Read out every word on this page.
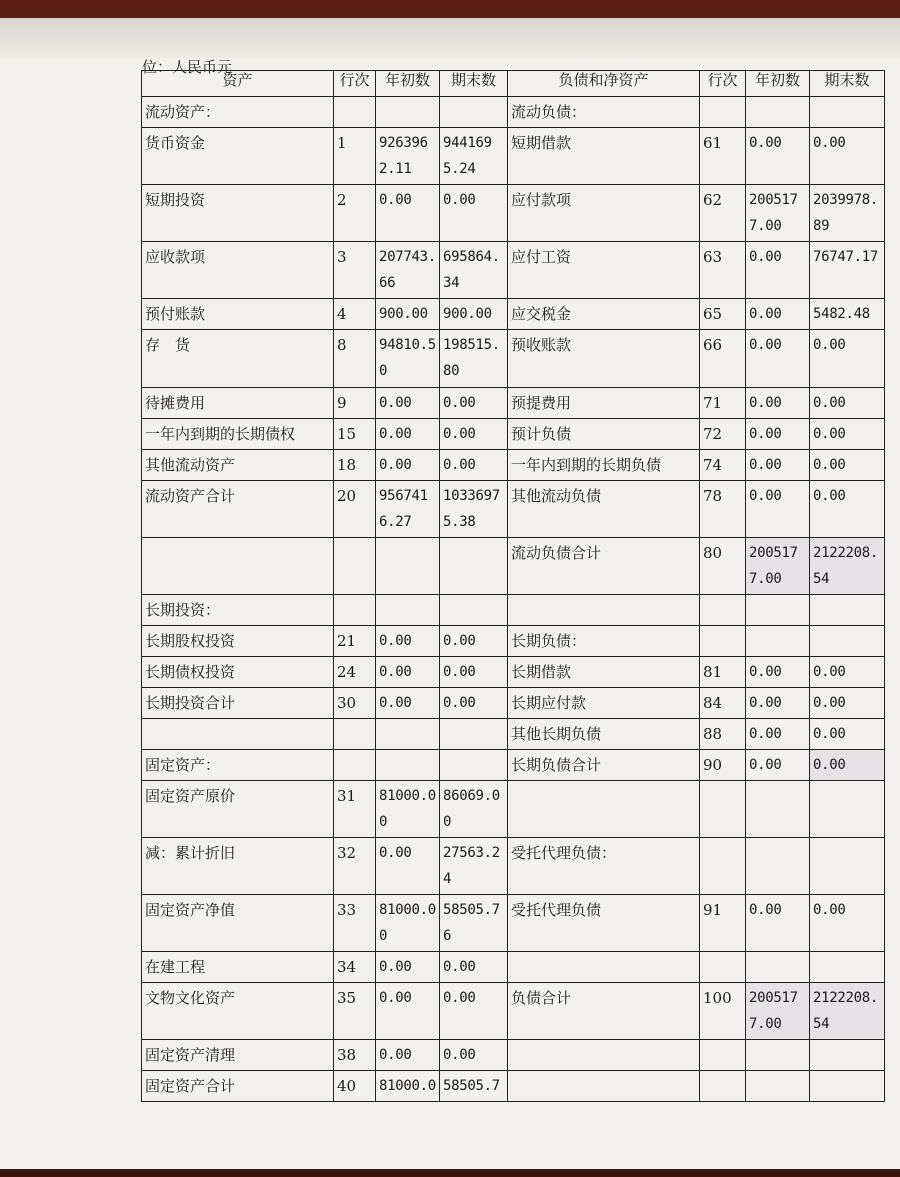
位：人民币元
资产	行次	年初数	期末数	负债和净资产	行次	年初数	期末数
流动资产：				流动负债：			
货币资金	1	9263962.11	9441695.24	短期借款	61	0.00	0.00
短期投资	2	0.00	0.00	应付款项	62	2005177.00	2039978.89
应收款项	3	207743.66	695864.34	应付工资	63	0.00	76747.17
预付账款	4	900.00	900.00	应交税金	65	0.00	5482.48
存　货	8	94810.50	198515.80	预收账款	66	0.00	0.00
待摊费用	9	0.00	0.00	预提费用	71	0.00	0.00
一年内到期的长期债权	15	0.00	0.00	预计负债	72	0.00	0.00
其他流动资产	18	0.00	0.00	一年内到期的长期负债	74	0.00	0.00
流动资产合计	20	9567416.27	10336975.38	其他流动负债	78	0.00	0.00
				流动负债合计	80	2005177.00	2122208.54
长期投资：							
长期股权投资	21	0.00	0.00	长期负债：			
长期债权投资	24	0.00	0.00	长期借款	81	0.00	0.00
长期投资合计	30	0.00	0.00	长期应付款	84	0.00	0.00
				其他长期负债	88	0.00	0.00
固定资产：				长期负债合计	90	0.00	0.00
固定资产原价	31	81000.00	86069.00				
减：累计折旧	32	0.00	27563.24	受托代理负债：			
固定资产净值	33	81000.00	58505.76	受托代理负债	91	0.00	0.00
在建工程	34	0.00	0.00				
文物文化资产	35	0.00	0.00	负债合计	100	2005177.00	2122208.54
固定资产清理	38	0.00	0.00				
固定资产合计	40	81000.0	58505.7				
